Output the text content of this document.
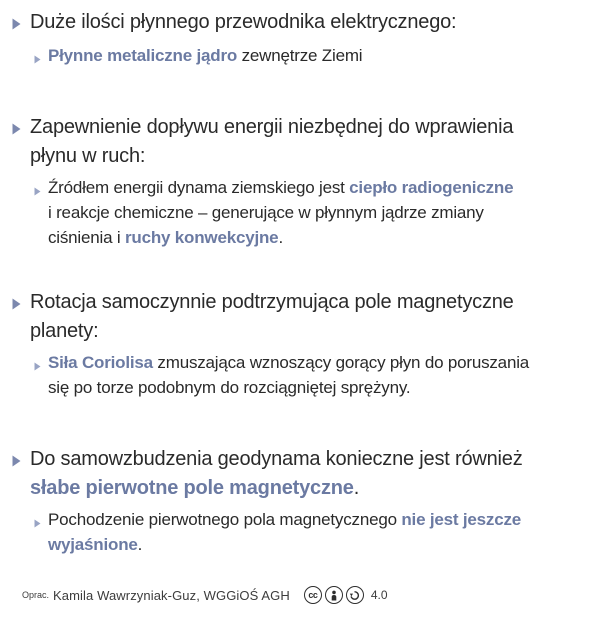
Duże ilości płynnego przewodnika elektrycznego:
Płynne metaliczne jądro zewnętrze Ziemi
Zapewnienie dopływu energii niezbędnej do wprawienia
płynu w ruch:
Źródłem energii dynama ziemskiego jest ciepło radiogeniczne
i reakcje chemiczne – generujące w płynnym jądrze zmiany
ciśnienia i ruchy konwekcyjne.
Rotacja samoczynnie podtrzymująca pole magnetyczne
planety:
Siła Coriolisa zmuszająca wznoszący gorący płyn do poruszania
się po torze podobnym do rozciągniętej sprężyny.
Do samowzbudzenia geodynama konieczne jest również
słabe pierwotne pole magnetyczne.
Pochodzenie pierwotnego pola magnetycznego nie jest jeszcze
wyjaśnione.
Oprac. Kamila Wawrzyniak-Guz, WGGiOŚ AGH	cc	4.0
